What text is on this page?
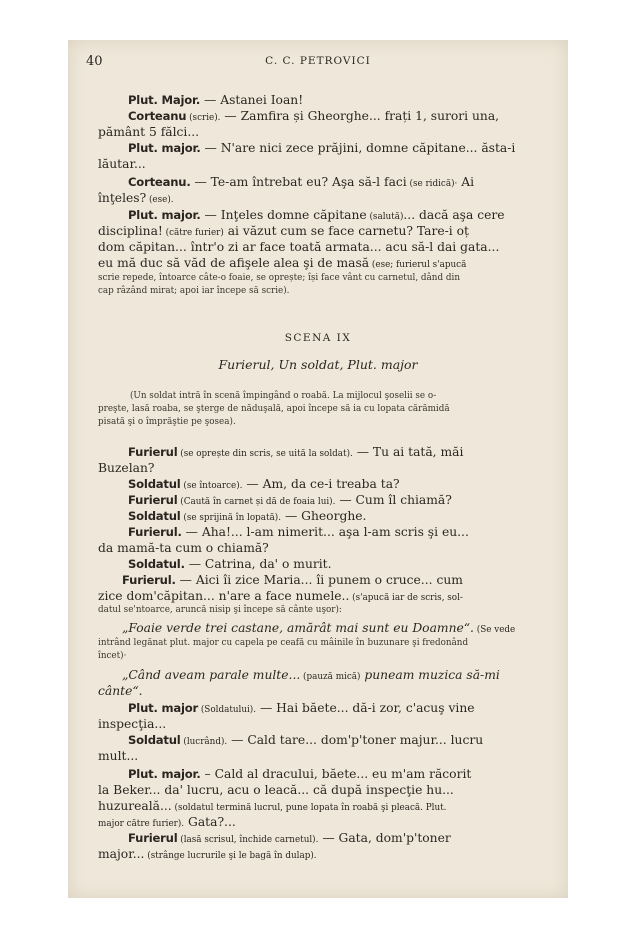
40	C. C. PETROVICI
Plut. Major. — Astanei Ioan!
Corteanu (scrie). — Zamfira și Gheorghe... frați 1, surori una,
pământ 5 fălci...
Plut. major. — N'are nici zece prăjini, domne căpitane... ăsta-i
lăutar...
Corteanu. — Te-am întrebat eu? Aşa să-l faci (se ridică)· Ai
înţeles? (ese).
Plut. major. — Inţeles domne căpitane (salută)... dacă aşa cere
disciplina! (către furier) ai văzut cum se face carnetu? Tare-i oț
dom căpitan... într'o zi ar face toată armata... acu să-l dai gata...
eu mă duc să văd de afişele alea şi de masă (ese; furierul s'apucă
scrie repede, întoarce câte-o foaie, se oprește; își face vânt cu carnetul, dând din
cap râzând mirat; apoi iar începe să scrie).
SCENA IX
Furierul, Un soldat, Plut. major
(Un soldat intră în scenă împingând o roabă. La mijlocul şoselii se o-
preşte, lasă roaba, se şterge de năduşală, apoi începe să ia cu lopata cărămidă
pisată şi o împrăştie pe şosea).
Furierul (se oprește din scris, se uită la soldat). — Tu ai tată, măi
Buzelan?
Soldatul (se întoarce). — Am, da ce-i treaba ta?
Furierul (Caută în carnet și dă de foaia lui). — Cum îl chiamă?
Soldatul (se sprijină în lopată). — Gheorghe.
Furierul. — Aha!... l-am nimerit... aşa l-am scris şi eu...
da mamă-ta cum o chiamă?
Soldatul. — Catrina, da' o murit.
Furierul. — Aici îi zice Maria... îi punem o cruce... cum
zice dom'căpitan... n'are a face numele.. (s'apucă iar de scris, sol-
datul se'ntoarce, aruncă nisip şi începe să cânte uşor):
„Foaie verde trei castane, amărât mai sunt eu Doamne“. (Se vede
intrând legănat plut. major cu capela pe ceafă cu mâinile în buzunare şi fredonând
încet)·
„Când aveam parale multe... (pauză mică) puneam muzica să-mi
cânte“.
Plut. major (Soldatului). — Hai băete... dă-i zor, c'acuş vine
inspecţia...
Soldatul (lucrând). — Cald tare... dom'p'toner majur... lucru
mult...
Plut. major. – Cald al dracului, băete... eu m'am răcorit
la Beker... da' lucru, acu o leacă... că după inspecţie hu...
huzureală... (soldatul termină lucrul, pune lopata în roabă şi pleacă. Plut.
major către furier). Gata?...
Furierul (lasă scrisul, închide carnetul). — Gata, dom'p'toner
major... (strânge lucrurile şi le bagă în dulap).
